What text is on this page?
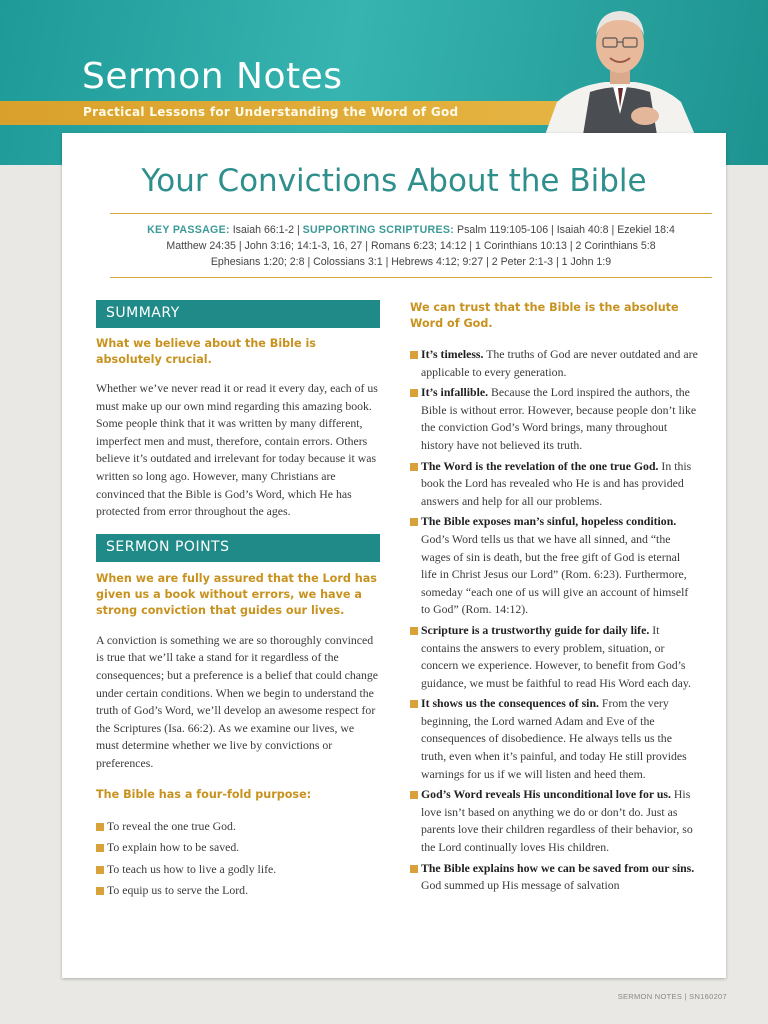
Sermon Notes
Practical Lessons for Understanding the Word of God
Your Convictions About the Bible
KEY PASSAGE: Isaiah 66:1-2 | SUPPORTING SCRIPTURES: Psalm 119:105-106 | Isaiah 40:8 | Ezekiel 18:4
Matthew 24:35 | John 3:16; 14:1-3, 16, 27 | Romans 6:23; 14:12 | 1 Corinthians 10:13 | 2 Corinthians 5:8
Ephesians 1:20; 2:8 | Colossians 3:1 | Hebrews 4:12; 9:27 | 2 Peter 2:1-3 | 1 John 1:9
SUMMARY

What we believe about the Bible is absolutely crucial.

Whether we’ve never read it or read it every day, each of us must make up our own mind regarding this amazing book. Some people think that it was written by many different, imperfect men and must, therefore, contain errors. Others believe it’s outdated and irrelevant for today because it was written so long ago. However, many Christians are convinced that the Bible is God’s Word, which He has protected from error throughout the ages.

SERMON POINTS

When we are fully assured that the Lord has given us a book without errors, we have a strong conviction that guides our lives.

A conviction is something we are so thoroughly convinced is true that we’ll take a stand for it regardless of the consequences; but a preference is a belief that could change under certain conditions. When we begin to understand the truth of God’s Word, we’ll develop an awesome respect for the Scriptures (Isa. 66:2). As we examine our lives, we must determine whether we live by convictions or preferences.

The Bible has a four-fold purpose:

To reveal the one true God.
To explain how to be saved.
To teach us how to live a godly life.
To equip us to serve the Lord.

We can trust that the Bible is the absolute Word of God.

It’s timeless. The truths of God are never outdated and are applicable to every generation.
It’s infallible. Because the Lord inspired the authors, the Bible is without error. However, because people don’t like the conviction God’s Word brings, many throughout history have not believed its truth.
The Word is the revelation of the one true God. In this book the Lord has revealed who He is and has provided answers and help for all our problems.
The Bible exposes man’s sinful, hopeless condition. God’s Word tells us that we have all sinned, and “the wages of sin is death, but the free gift of God is eternal life in Christ Jesus our Lord” (Rom. 6:23). Furthermore, someday “each one of us will give an account of himself to God” (Rom. 14:12).
Scripture is a trustworthy guide for daily life. It contains the answers to every problem, situation, or concern we experience. However, to benefit from God’s guidance, we must be faithful to read His Word each day.
It shows us the consequences of sin. From the very beginning, the Lord warned Adam and Eve of the consequences of disobedience. He always tells us the truth, even when it’s painful, and today He still provides warnings for us if we will listen and heed them.
God’s Word reveals His unconditional love for us. His love isn’t based on anything we do or don’t do. Just as parents love their children regardless of their behavior, so the Lord continually loves His children.
The Bible explains how we can be saved from our sins. God summed up His message of salvation
SERMON NOTES | SN160207
